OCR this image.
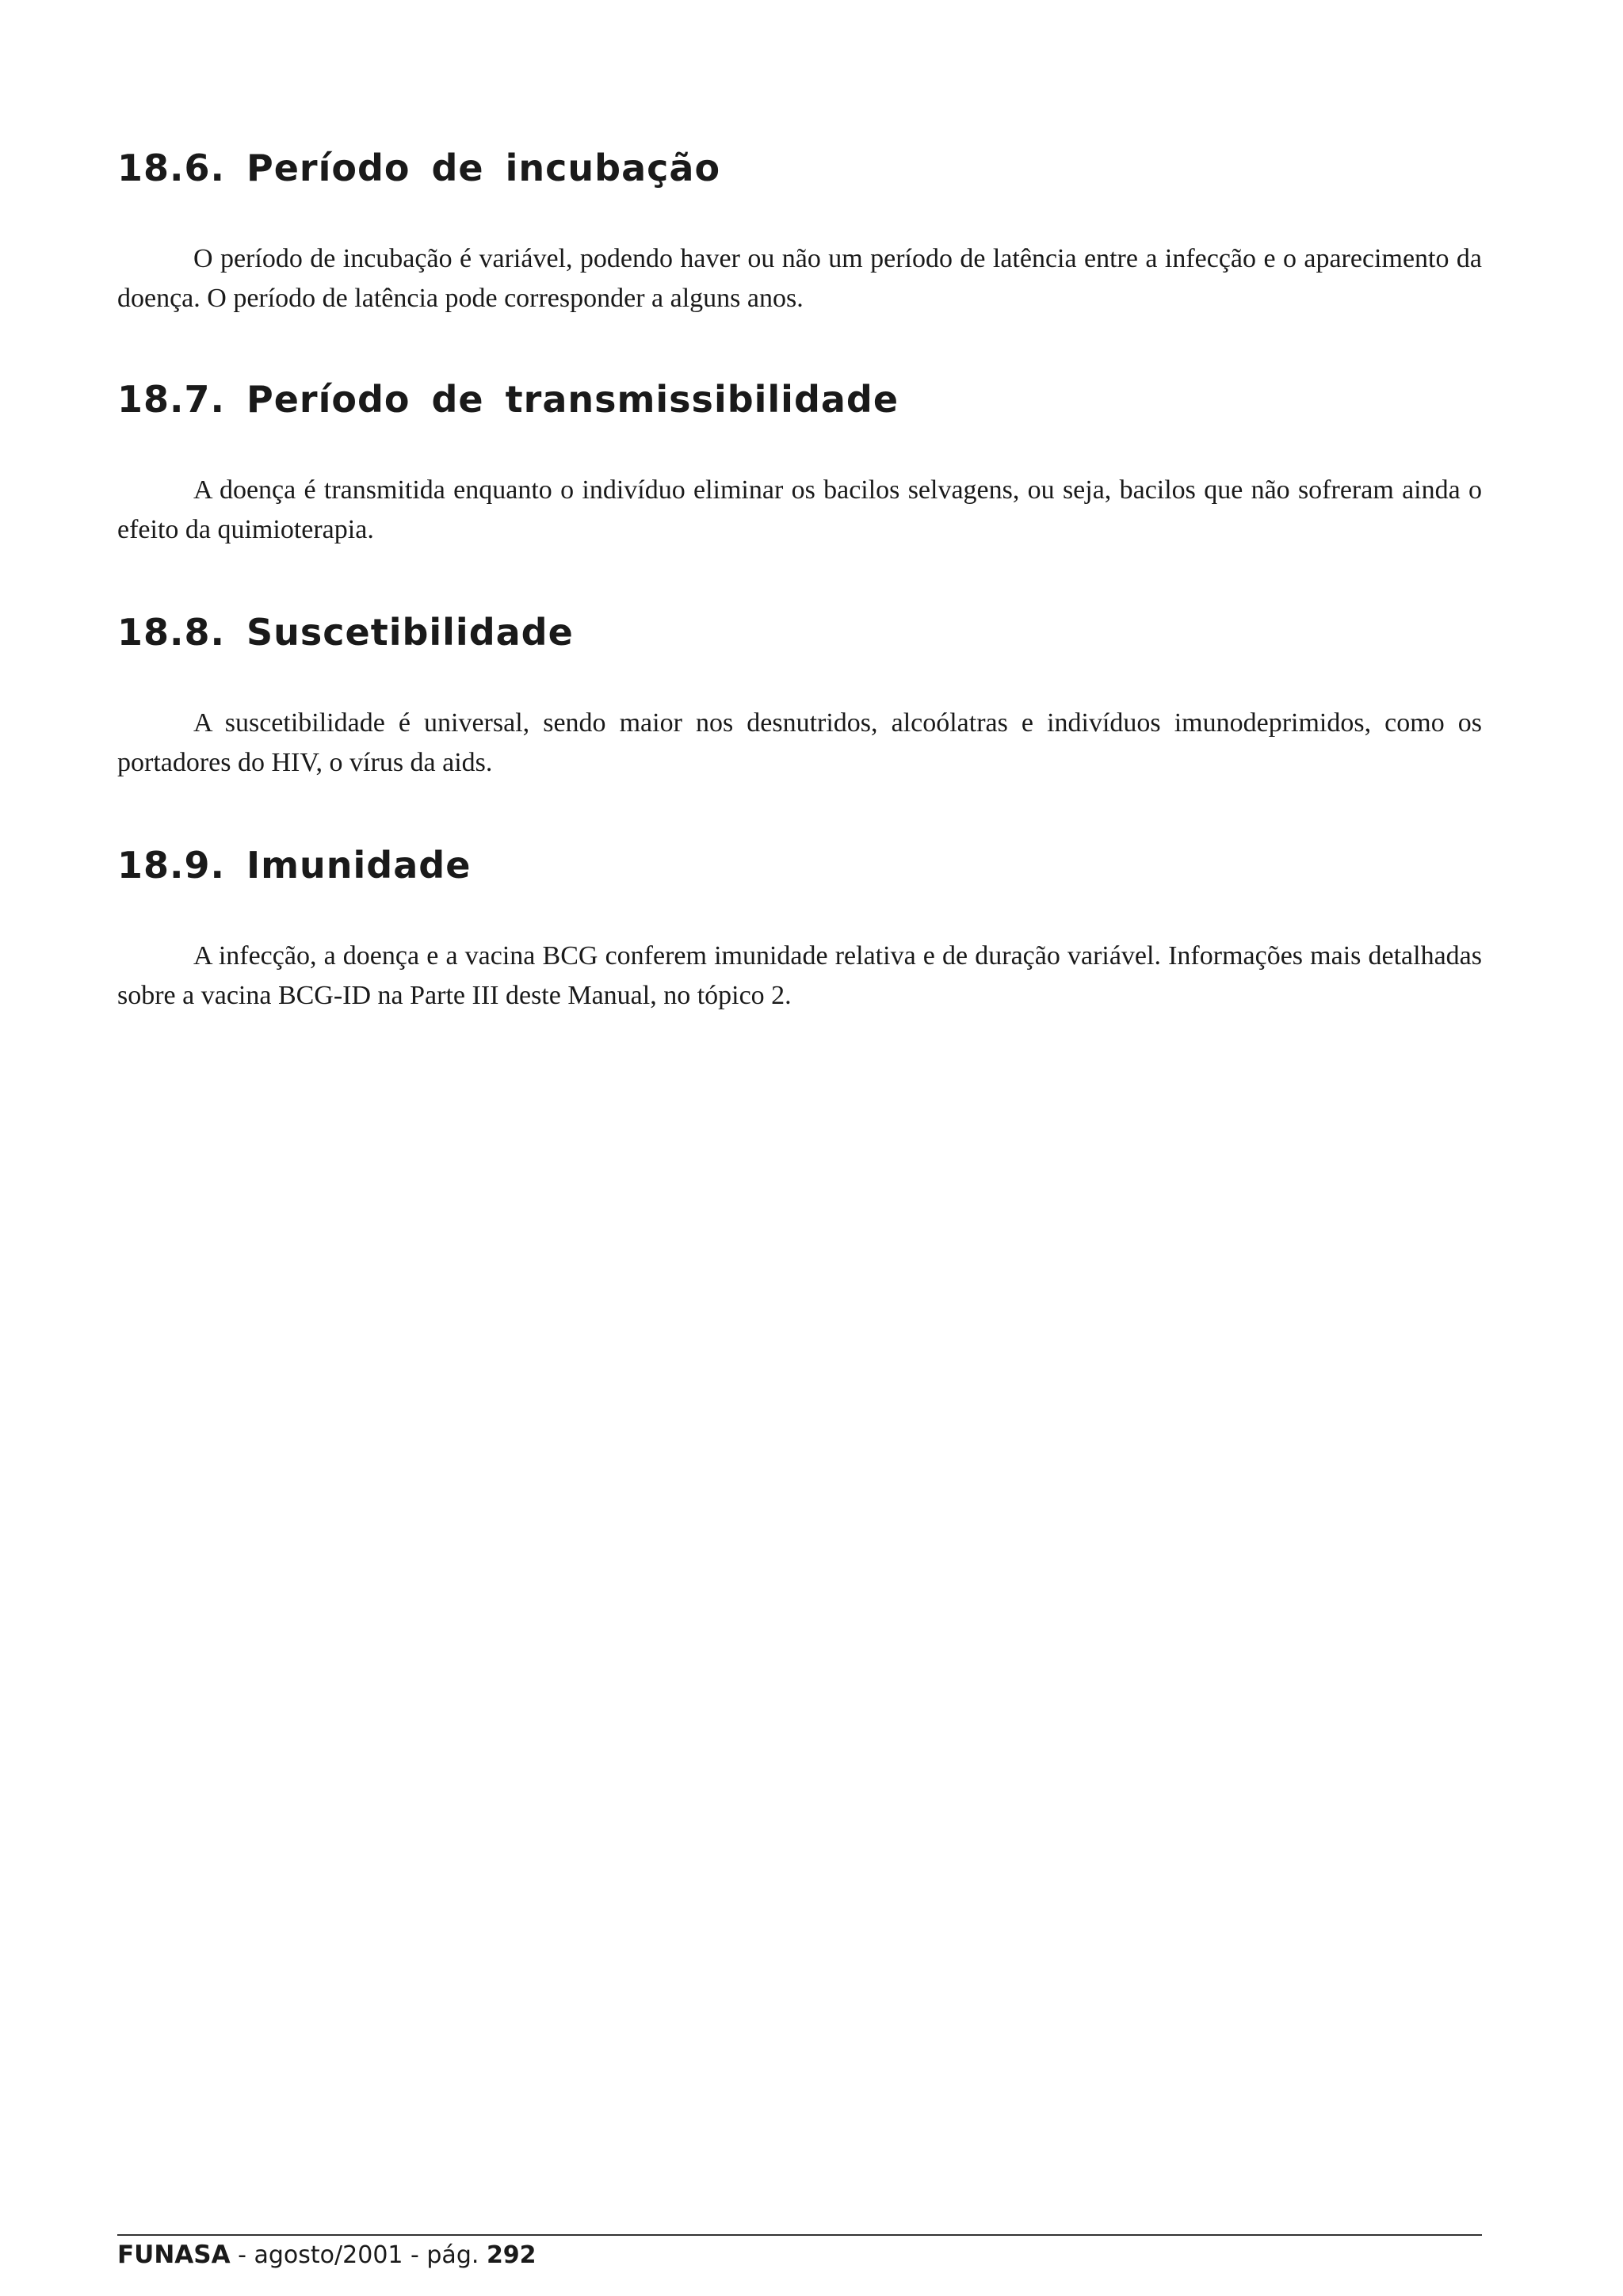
18.6. Período de incubação

O período de incubação é variável, podendo haver ou não um período de latência entre a infecção e o aparecimento da doença. O período de latência pode corresponder a alguns anos.

18.7. Período de transmissibilidade

A doença é transmitida enquanto o indivíduo eliminar os bacilos selvagens, ou seja, bacilos que não sofreram ainda o efeito da quimioterapia.

18.8. Suscetibilidade

A suscetibilidade é universal, sendo maior nos desnutridos, alcoólatras e indivíduos imunodeprimidos, como os portadores do HIV, o vírus da aids.

18.9. Imunidade

A infecção, a doença e a vacina BCG conferem imunidade relativa e de duração variável. Informações mais detalhadas sobre a vacina BCG-ID na Parte III deste Manual, no tópico 2.

FUNASA - agosto/2001 - pág. 292
